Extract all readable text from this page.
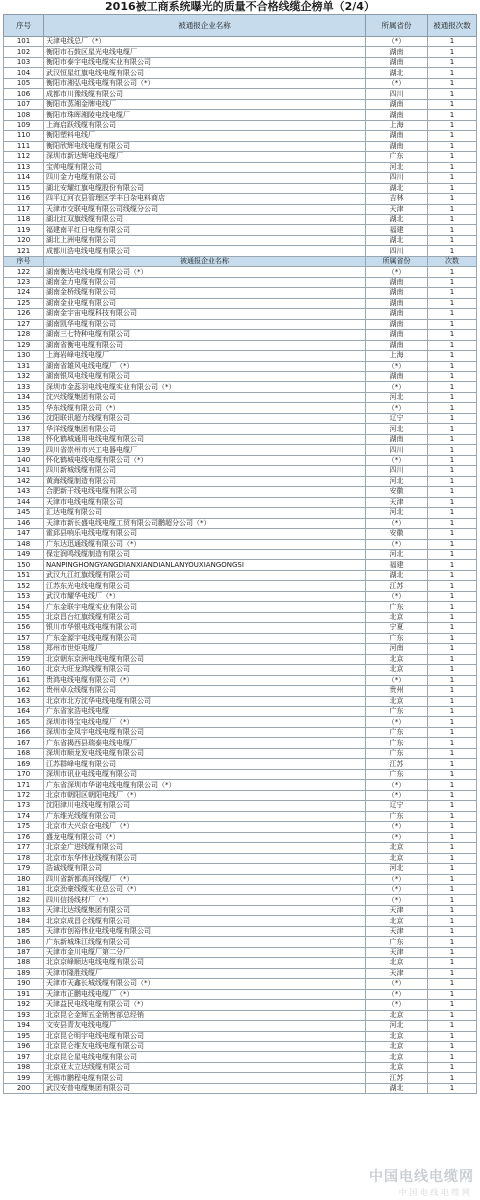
2016被工商系统曝光的质量不合格线缆企榜单（2/4）
序号	被通报企业名称	所属省份	被通报次数
101	天津电线总厂（*）	（*）	1
102	衡阳市石鼓区星光电线电缆厂	湖南	1
103	衡阳市泰宇电线电缆实业有限公司	湖南	1
104	武汉恒星红旗电线电缆有限公司	湖北	1
105	衡阳市湘弘电线电缆有限公司（*）	（*）	1
106	成都市川豫线缆有限公司	四川	1
107	衡阳市蒸湘金牌电线厂	湖南	1
108	衡阳市珠晖湘陵电线电缆厂	湖南	1
109	上海启跃线缆有限公司	上海	1
110	衡阳塑料电线厂	湖南	1
111	衡阳欣辉电线电缆有限公司	湖南	1
112	深圳市新达辉电线电缆厂	广东	1
113	宝帅电缆有限公司	河北	1
114	四川金力电缆有限公司	四川	1
115	湖北安耀红旗电缆股份有限公司	湖北	1
116	四平辽河衣县管理区学丰日杂电料商店	吉林	1
117	天津市交联电缆有限公司线缆分公司	天津	1
118	湖北红双旗线缆有限公司	湖北	1
119	福建南平红日电缆有限公司	福建	1
120	湖北上洲电缆有限公司	湖北	1
121	成都川浩电线电缆有限公司	四川	1
序号	被通报企业名称	所属省份	次数
122	湖南衡达电线电缆有限公司（*）	（*）	1
123	湖南金力电缆有限公司	湖南	1
124	湖南金桥线缆有限公司	湖南	1
125	湖南金业电缆有限公司	湖南	1
126	湖南金宇宙电缆科技有限公司	湖南	1
127	湖南凯华电缆有限公司	湖南	1
128	湖南三七特种电缆有限公司	湖南	1
129	湖南省衡电电缆有限公司	湖南	1
130	上海岩峰电线电缆厂	上海	1
131	湖南省雄风电线电缆厂（*）	（*）	1
132	湖南银凤电线电缆有限公司	湖南	1
133	深圳市金蕊羽电线电缆实业有限公司（*）	（*）	1
134	沈兴线缆集团有限公司	河北	1
135	华东线缆有限公司（*）	（*）	1
136	沈阳联讯超力线缆有限公司	辽宁	1
137	华洋线缆集团有限公司	河北	1
138	怀化鹤城通用电线电缆有限公司	湖南	1
139	四川省崇州市兴工电器电缆厂	四川	1
140	怀化鹤城电线电缆有限公司（*）	（*）	1
141	四川新城线缆有限公司	四川	1
142	黄海线缆制造有限公司	河北	1
143	合肥新干线电线电缆有限公司	安徽	1
144	天津市电线电缆有限公司	天津	1
145	汇达电缆有限公司	河北	1
146	天津市新长盛电线电缆工贸有限公司鹏超分公司（*）	（*）	1
147	霍邱县响乐电线电缆有限公司	安徽	1
148	广东达迅通线缆有限公司（*）	（*）	1
149	保定润鸣线缆制造有限公司	河北	1
150	NANPINGHONGYANGDIANXIANDIANLANYOUXIANGONGSI	福建	1
151	武汉九江红旗线缆有限公司	湖北	1
152	江苏东光电线电缆有限公司	江苏	1
153	武汉市耀华电线厂（*）	（*）	1
154	广东金联宇电缆实业有限公司	广东	1
155	北京昌台红旗线缆有限公司	北京	1
156	银川市华银电线电缆有限公司	宁夏	1
157	广东金源宇电线电缆有限公司	广东	1
158	郑州市世炬电缆厂	河南	1
159	北京朝东京洲电线电缆有限公司	北京	1
160	北京大旺龙鸿线缆有限公司	北京	1
161	贵鸿电线电缆有限公司（*）	（*）	1
162	贵州卓众线缆有限公司	贵州	1
163	北京市北方沈华电线电缆有限公司	北京	1
164	广东省家浩电线电缆	广东	1
165	深圳市得宝电线电缆厂（*）	（*）	1
166	深圳市金凤宇电线电缆有限公司	广东	1
167	广东省揭西县瑞泰电线电缆厂	广东	1
168	深圳市顺龙发电线电缆有限公司	广东	1
169	江苏群峰电缆有限公司	江苏	1
170	深圳市讯业电线电缆有限公司	广东	1
171	广东省深圳市华诺电线电缆有限公司（*）	（*）	1
172	北京市朝阳区朝阳电线厂（*）	（*）	1
173	沈阳津川电线电缆有限公司	辽宁	1
174	广东维光线缆有限公司	广东	1
175	北京市大兴京仓电线厂（*）	（*）	1
176	盛龙电缆有限公司（*）	（*）	1
177	北京金广进线缆有限公司	北京	1
178	北京市东华伟业线缆有限公司	北京	1
179	浩诚线缆有限公司	河北	1
180	四川省新都高河线缆厂（*）	（*）	1
181	北京劲豪线缆实业总公司（*）	（*）	1
182	四川信扬线材厂（*）	（*）	1
183	天津北达线缆集团有限公司	天津	1
184	北京京成昌仑线缆有限公司	北京	1
185	天津市创裕伟业电线电缆有限公司	天津	1
186	广东新城珠江线缆有限公司	广东	1
187	天津市金川电缆厂第二分厂	天津	1
188	北京京峰顺达电线电缆有限公司	北京	1
189	天津市隆胜线缆厂	天津	1
190	天津市天鑫长城线缆有限公司（*）	（*）	1
191	天津市正鹏电线电缆厂（*）	（*）	1
192	天津益民电线电缆有限公司（*）	（*）	1
193	北京昆仑金辉五金销售部总经销	北京	1
194	文安县青友电线电缆厂	河北	1
195	北京昆仑明宇电线电缆有限公司	北京	1
196	北京昆仑维友电线电缆有限公司	北京	1
197	北京昆仑星电线电缆有限公司	北京	1
198	北京亚太立达线缆有限公司	北京	1
199	无锡市鹏程电缆有限公司	江苏	1
200	武汉安普电缆集团有限公司	湖北	1
中国电线电缆网
中 国 电 线 电 缆 网
